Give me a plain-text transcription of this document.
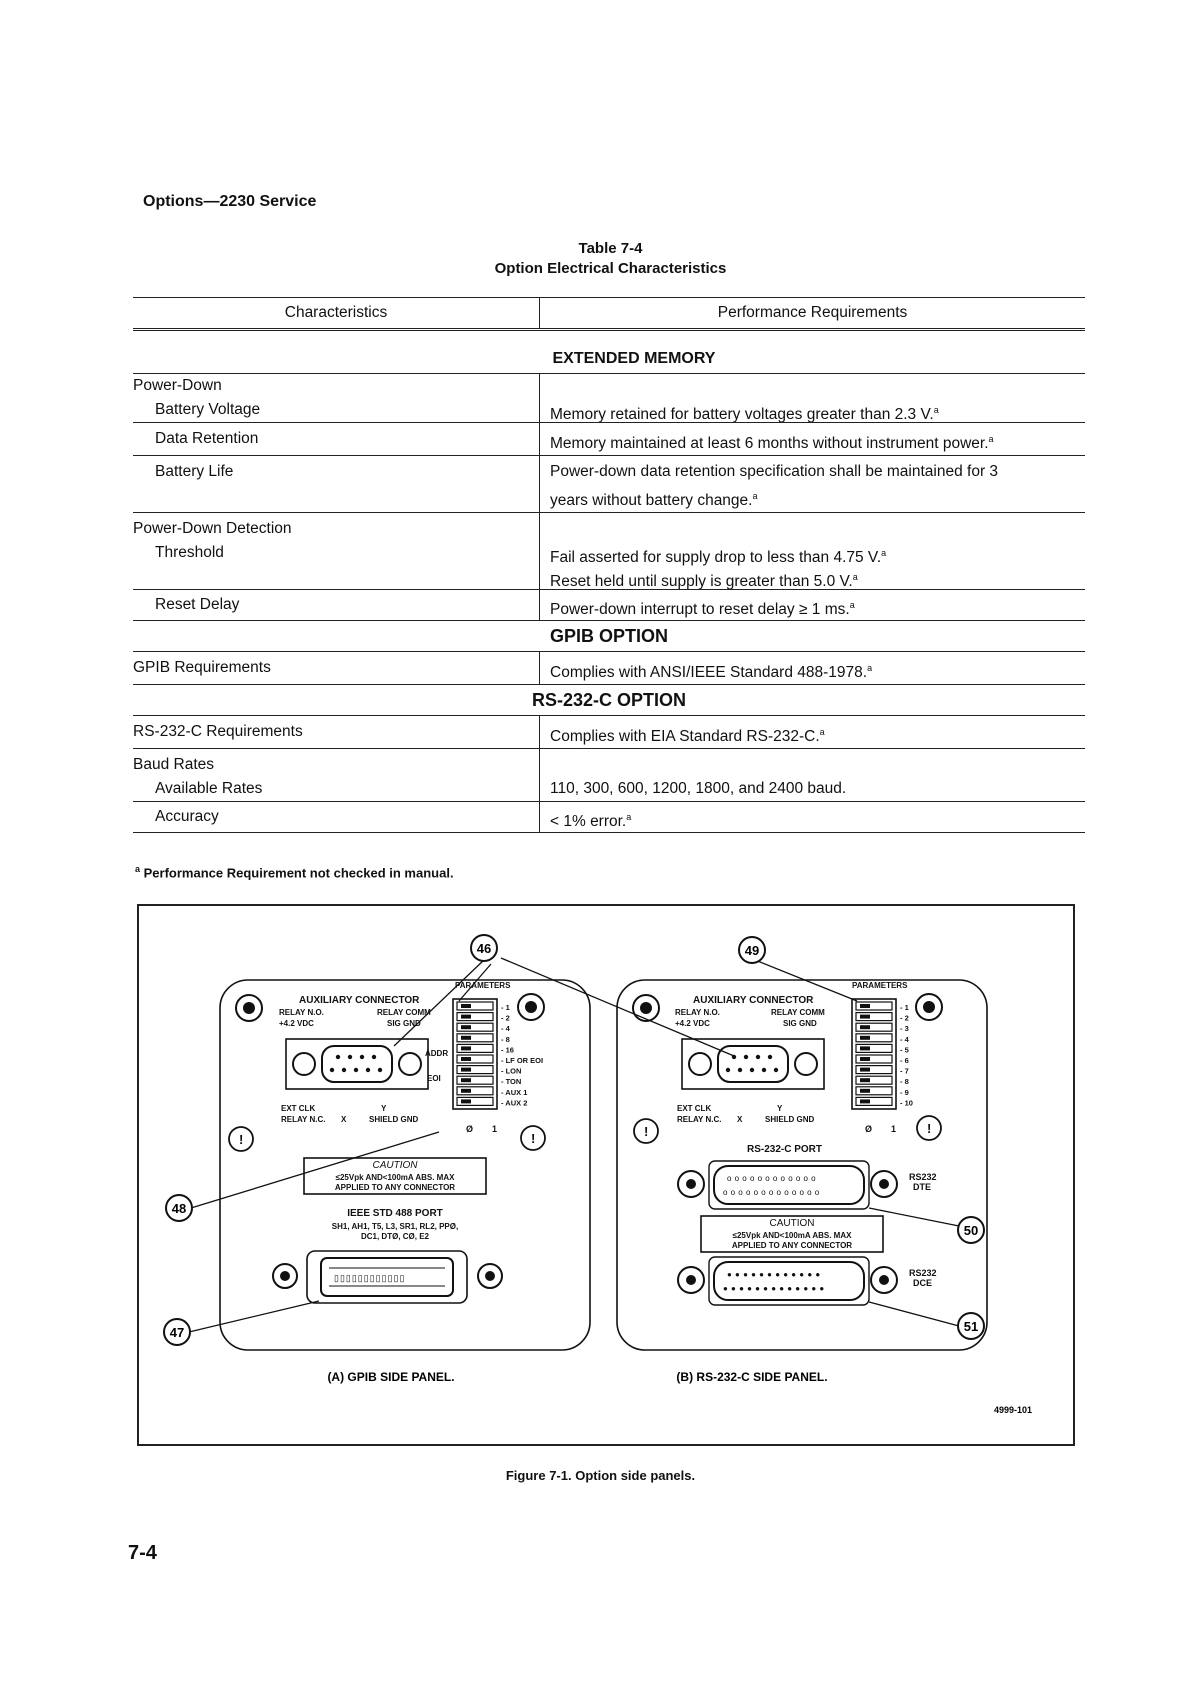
Options—2230 Service
Table 7-4
Option Electrical Characteristics
Characteristics	Performance Requirements
EXTENDED MEMORY
Power-Down
Battery Voltage
	Memory retained for battery voltages greater than 2.3 V.$^a$
Data Retention	Memory maintained at least 6 months without instrument power.$^a$
Battery Life	Power-down data retention specification shall be maintained for 3
years without battery change.$^a$
Power-Down Detection
Threshold
	Fail asserted for supply drop to less than 4.75 V.$^a$
Reset held until supply is greater than 5.0 V.$^a$
Reset Delay	Power-down interrupt to reset delay ≥ 1 ms.$^a$
GPIB OPTION
GPIB Requirements	Complies with ANSI/IEEE Standard 488-1978.$^a$
RS-232-C OPTION
RS-232-C Requirements	Complies with EIA Standard RS-232-C.$^a$
Baud Rates
Available Rates
	110, 300, 600, 1200, 1800, and 2400 baud.
Accuracy	< 1% error.$^a$
$^a$ Performance Requirement not checked in manual.
AUXILIARY CONNECTOR
RELAY N.O.	RELAY COMM
+4.2 VDC	SIG GND
EXT CLK
RELAY N.C. X
Y
SHIELD GND
!
PARAMETERS
ADDR
EOI
- 1
- 2
- 4
- 8
- 16
- LF OR EOI
- LON
- TON
- AUX 1
- AUX 2
Ø 1
!
CAUTION
≤25Vpk AND<100mA ABS. MAX
APPLIED TO ANY CONNECTOR
IEEE STD 488 PORT
SH1, AH1, T5, L3, SR1, RL2, PPØ,
DC1, DTØ, CØ, E2
▯▯▯▯▯▯▯▯▯▯▯▯
AUXILIARY CONNECTOR
RELAY N.O.	RELAY COMM
+4.2 VDC	SIG GND
EXT CLK
RELAY N.C. X
Y
SHIELD GND
!
PARAMETERS
- 1
- 2
- 3
- 4
- 5
- 6
- 7
- 8
- 9
- 10
Ø 1 !
RS-232-C PORT
oooooooooooo
ooooooooooooo
RS232
DTE
CAUTION
≤25Vpk AND<100mA ABS. MAX
APPLIED TO ANY CONNECTOR
●●●●●●●●●●●●
●●●●●●●●●●●●●
RS232
DCE
46	49
48
47
50
51
(A) GPIB SIDE PANEL.	(B) RS-232-C SIDE PANEL.
4999-101
Figure 7-1. Option side panels.
7-4
